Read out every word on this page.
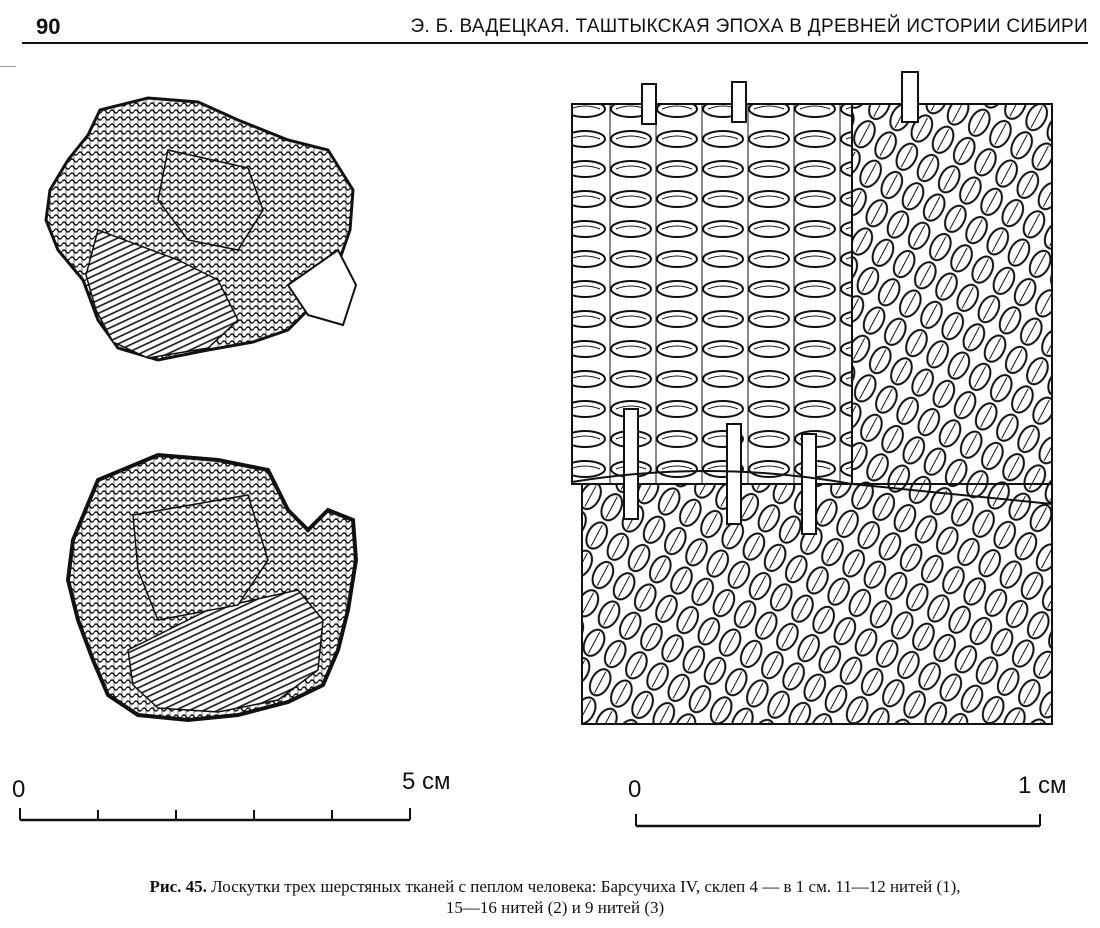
90	Э. Б. ВАДЕЦКАЯ. ТАШТЫКСКАЯ ЭПОХА В ДРЕВНЕЙ ИСТОРИИ СИБИРИ
0	5 см	0	1 см
Рис. 45. Лоскутки трех шерстяных тканей с пеплом человека: Барсучиха IV, склеп 4 — в 1 см. 11—12 нитей (1),
15—16 нитей (2) и 9 нитей (3)
